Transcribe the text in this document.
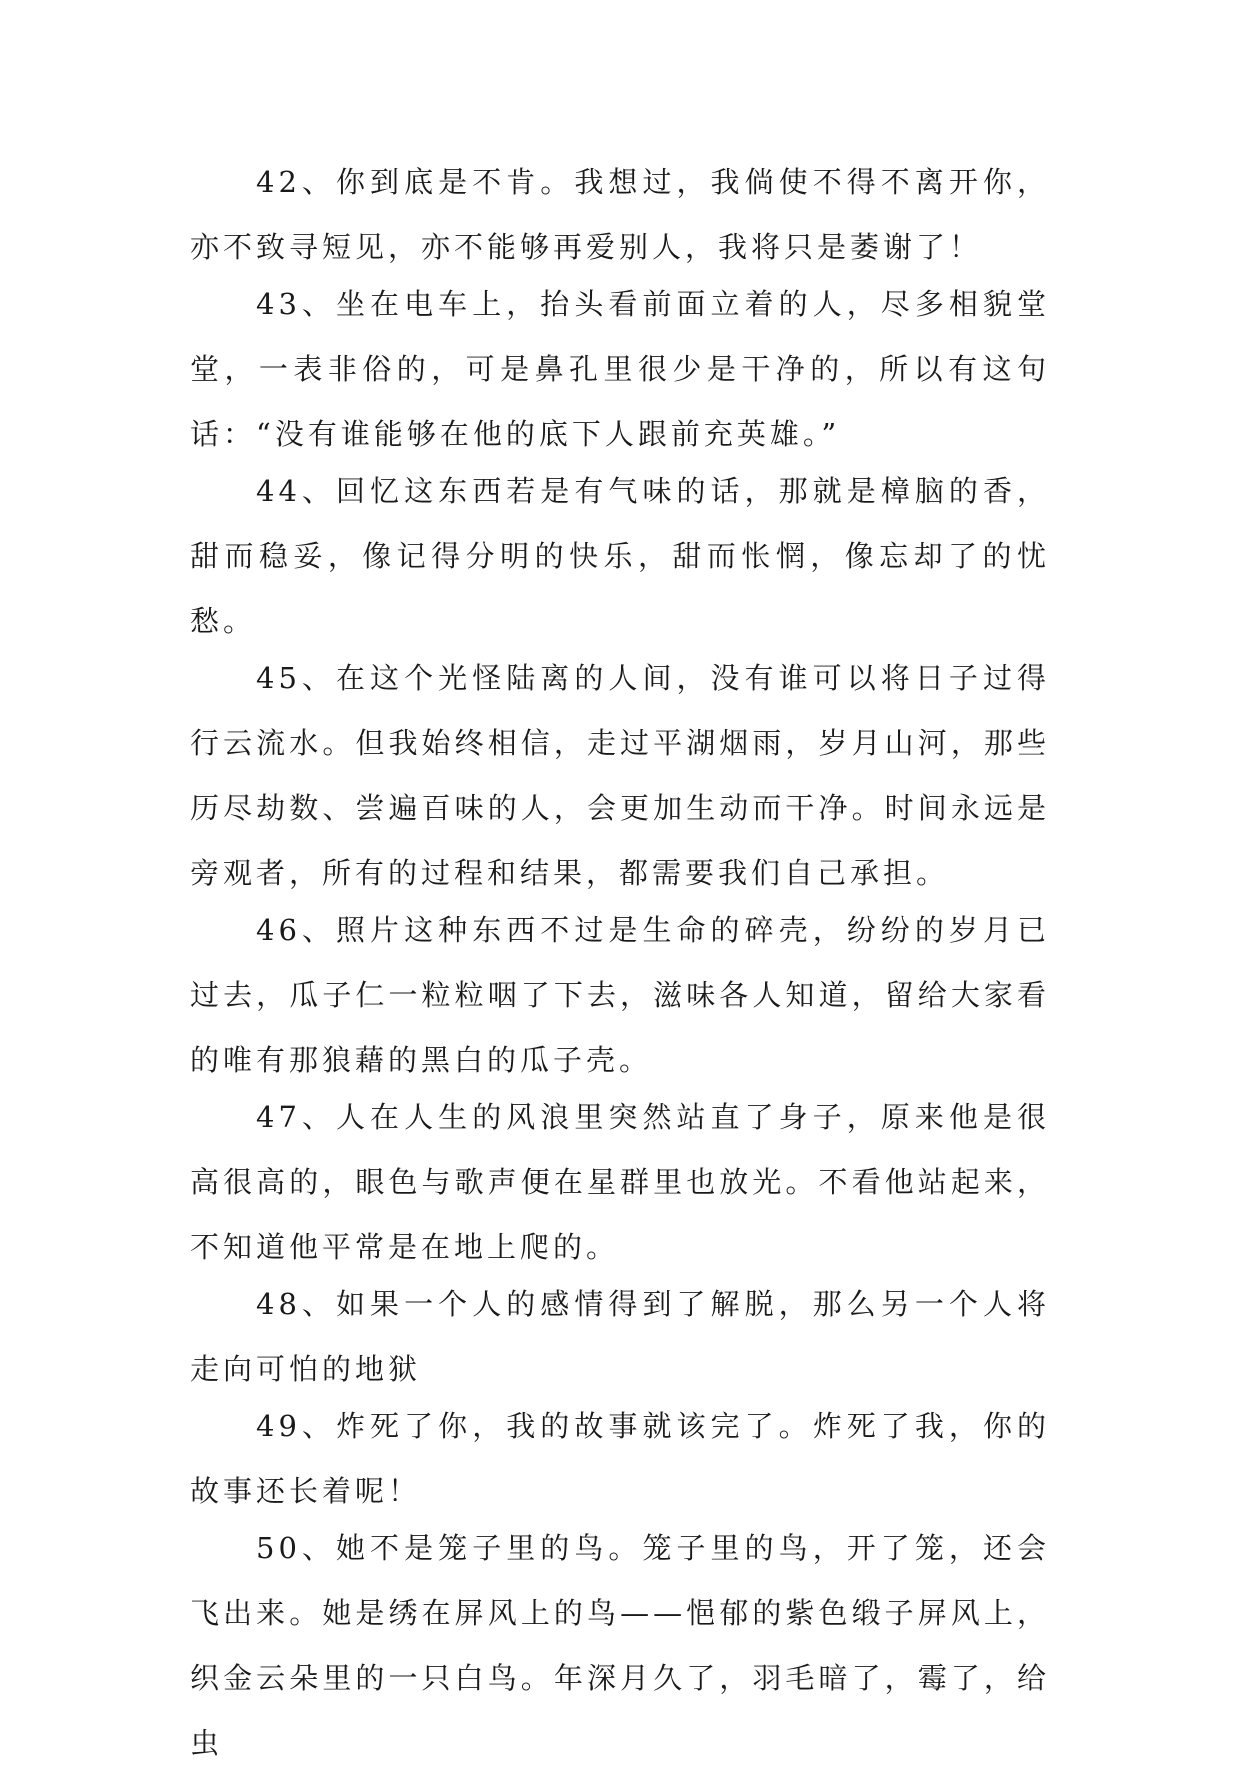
42、你到底是不肯。我想过，我倘使不得不离开你，亦不致寻短见，亦不能够再爱别人，我将只是萎谢了！

43、坐在电车上，抬头看前面立着的人，尽多相貌堂堂，一表非俗的，可是鼻孔里很少是干净的，所以有这句话：“没有谁能够在他的底下人跟前充英雄。”

44、回忆这东西若是有气味的话，那就是樟脑的香，甜而稳妥，像记得分明的快乐，甜而怅惘，像忘却了的忧愁。

45、在这个光怪陆离的人间，没有谁可以将日子过得行云流水。但我始终相信，走过平湖烟雨，岁月山河，那些历尽劫数、尝遍百味的人，会更加生动而干净。时间永远是旁观者，所有的过程和结果，都需要我们自己承担。

46、照片这种东西不过是生命的碎壳，纷纷的岁月已过去，瓜子仁一粒粒咽了下去，滋味各人知道，留给大家看的唯有那狼藉的黑白的瓜子壳。

47、人在人生的风浪里突然站直了身子，原来他是很高很高的，眼色与歌声便在星群里也放光。不看他站起来，不知道他平常是在地上爬的。

48、如果一个人的感情得到了解脱，那么另一个人将走向可怕的地狱

49、炸死了你，我的故事就该完了。炸死了我，你的故事还长着呢！

50、她不是笼子里的鸟。笼子里的鸟，开了笼，还会飞出来。她是绣在屏风上的鸟——悒郁的紫色缎子屏风上，织金云朵里的一只白鸟。年深月久了，羽毛暗了，霉了，给虫
